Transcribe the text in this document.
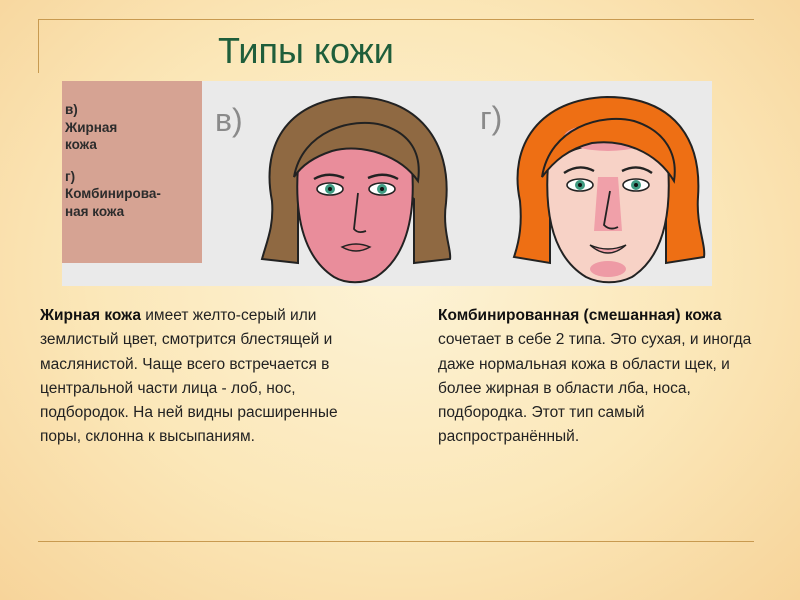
Типы кожи
в)
Жирная
кожа
г)
Комбинирова-
ная кожа
в)	г)
Жирная кожа имеет желто-серый или землистый цвет, смотрится блестящей и маслянистой. Чаще всего встречается в центральной части лица - лоб, нос, подбородок. На ней видны расширенные поры, склонна к высыпаниям.
Комбинированная (смешанная) кожа сочетает в себе 2 типа. Это сухая, и иногда даже нормальная кожа в области щек, и более жирная в области лба, носа, подбородка. Этот тип самый распространённый.
